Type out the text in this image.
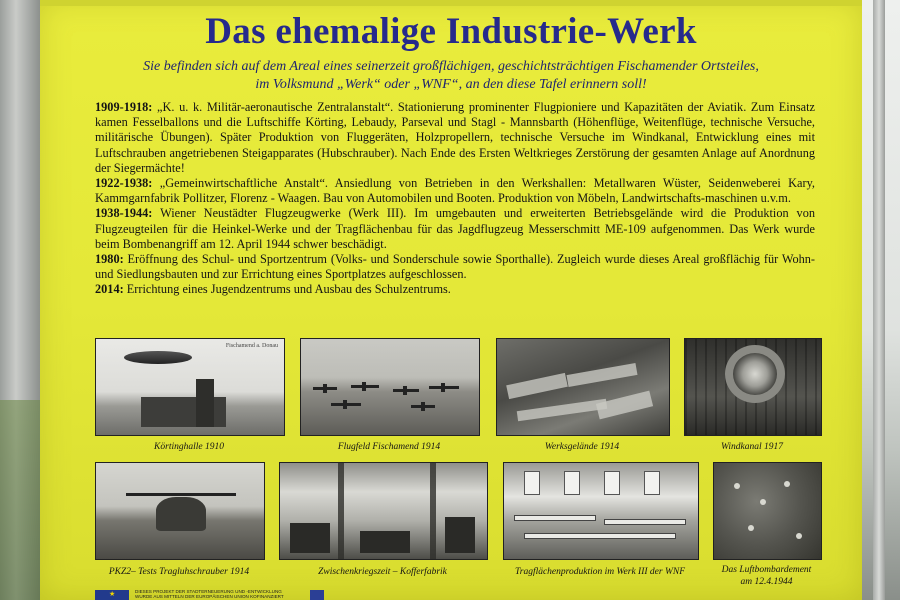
Das ehemalige Industrie-Werk
Sie befinden sich auf dem Areal eines seinerzeit großflächigen, geschichtsträchtigen Fischamender Ortsteiles,
im Volksmund „Werk“ oder „WNF“, an den diese Tafel erinnern soll!

1909-1918: „K. u. k. Militär-aeronautische Zentralanstalt“. Stationierung prominenter Flugpioniere und Kapazitäten der Aviatik. Zum Einsatz kamen Fesselballons und die Luftschiffe Körting, Lebaudy, Parseval und Stagl - Mannsbarth (Höhenflüge, Weitenflüge, technische Versuche, militärische Übungen). Später Produktion von Fluggeräten, Holzpropellern, technische Versuche im Windkanal, Entwicklung eines mit Luftschrauben angetriebenen Steigapparates (Hubschrauber). Nach Ende des Ersten Weltkrieges Zerstörung der gesamten Anlage auf Anordnung der Siegermächte!

1922-1938: „Gemeinwirtschaftliche Anstalt“. Ansiedlung von Betrieben in den Werkshallen: Metallwaren Wüster, Seidenweberei Kary, Kammgarnfabrik Pollitzer, Florenz - Waagen. Bau von Automobilen und Booten. Produktion von Möbeln, Landwirtschafts-maschinen u.v.m.

1938-1944: Wiener Neustädter Flugzeugwerke (Werk III). Im umgebauten und erweiterten Betriebsgelände wird die Produktion von Flugzeugteilen für die Heinkel-Werke und der Tragflächenbau für das Jagdflugzeug Messerschmitt ME-109 aufgenommen. Das Werk wurde beim Bombenangriff am 12. April 1944 schwer beschädigt.

1980: Eröffnung des Schul- und Sportzentrum (Volks- und Sonderschule sowie Sporthalle). Zugleich wurde dieses Areal großflächig für Wohn- und Siedlungsbauten und zur Errichtung eines Sportplatzes aufgeschlossen.

2014: Errichtung eines Jugendzentrums und Ausbau des Schulzentrums.

Fischamend a. Donau
Körtinghalle 1910	Flugfeld Fischamend 1914	Werksgelände 1914	Windkanal 1917
PKZ2– Tests Tragluhschrauber 1914	Zwischenkriegszeit – Kofferfabrik	Tragflächenproduktion im Werk III der WNF	Das Luftbombardement
am 12.4.1944
★	DIESES PROJEKT DER STADTERNEUERUNG UND -ENTWICKLUNG
WURDE AUS MITTELN DER EUROPÄISCHEN UNION KOFINANZIERT
